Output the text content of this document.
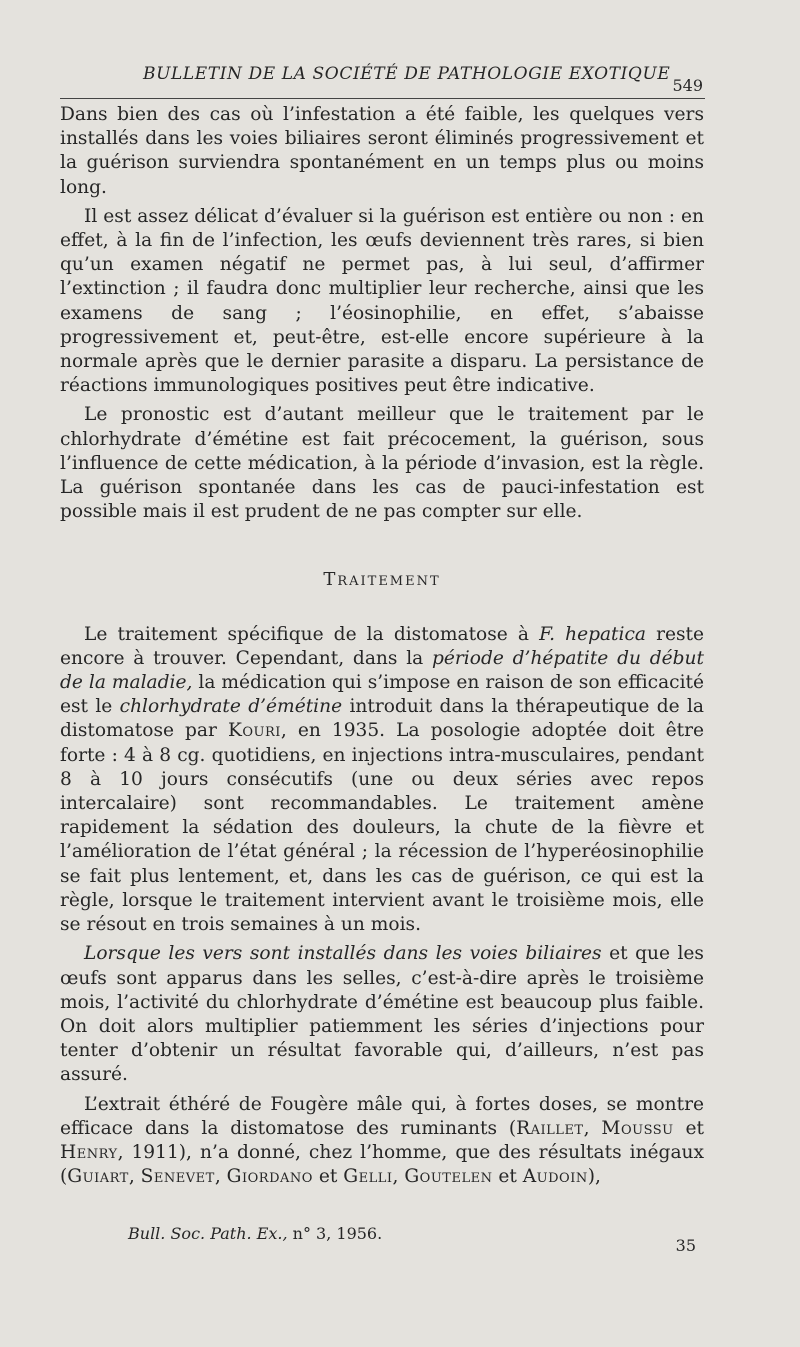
BULLETIN DE LA SOCIÉTÉ DE PATHOLOGIE EXOTIQUE
549

Dans bien des cas où l’infestation a été faible, les quelques vers installés dans les voies biliaires seront éliminés progressivement et la guérison surviendra spontanément en un temps plus ou moins long.

Il est assez délicat d’évaluer si la guérison est entière ou non : en effet, à la fin de l’infection, les œufs deviennent très rares, si bien qu’un examen négatif ne permet pas, à lui seul, d’affirmer l’extinction ; il faudra donc multiplier leur recherche, ainsi que les examens de sang ; l’éosinophilie, en effet, s’abaisse progressivement et, peut-être, est-elle encore supérieure à la normale après que le dernier parasite a disparu. La persistance de réactions immunologiques positives peut être indicative.

Le pronostic est d’autant meilleur que le traitement par le chlorhydrate d’émétine est fait précocement, la guérison, sous l’influence de cette médication, à la période d’invasion, est la règle. La guérison spontanée dans les cas de pauci-infestation est possible mais il est prudent de ne pas compter sur elle.

Traitement

Le traitement spécifique de la distomatose à F. hepatica reste encore à trouver. Cependant, dans la période d’hépatite du début de la maladie, la médication qui s’impose en raison de son efficacité est le chlorhydrate d’émétine introduit dans la thérapeutique de la distomatose par Kouri, en 1935. La posologie adoptée doit être forte : 4 à 8 cg. quotidiens, en injections intra-musculaires, pendant 8 à 10 jours consécutifs (une ou deux séries avec repos intercalaire) sont recommandables. Le traitement amène rapidement la sédation des douleurs, la chute de la fièvre et l’amélioration de l’état général ; la récession de l’hyperéosinophilie se fait plus lentement, et, dans les cas de guérison, ce qui est la règle, lorsque le traitement intervient avant le troisième mois, elle se résout en trois semaines à un mois.

Lorsque les vers sont installés dans les voies biliaires et que les œufs sont apparus dans les selles, c’est-à-dire après le troisième mois, l’activité du chlorhydrate d’émétine est beaucoup plus faible. On doit alors multiplier patiemment les séries d’injections pour tenter d’obtenir un résultat favorable qui, d’ailleurs, n’est pas assuré.

L’extrait éthéré de Fougère mâle qui, à fortes doses, se montre efficace dans la distomatose des ruminants (Raillet, Moussu et Henry, 1911), n’a donné, chez l’homme, que des résultats inégaux (Guiart, Senevet, Giordano et Gelli, Goutelen et Audoin),

Bull. Soc. Path. Ex., n° 3, 1956.
35
